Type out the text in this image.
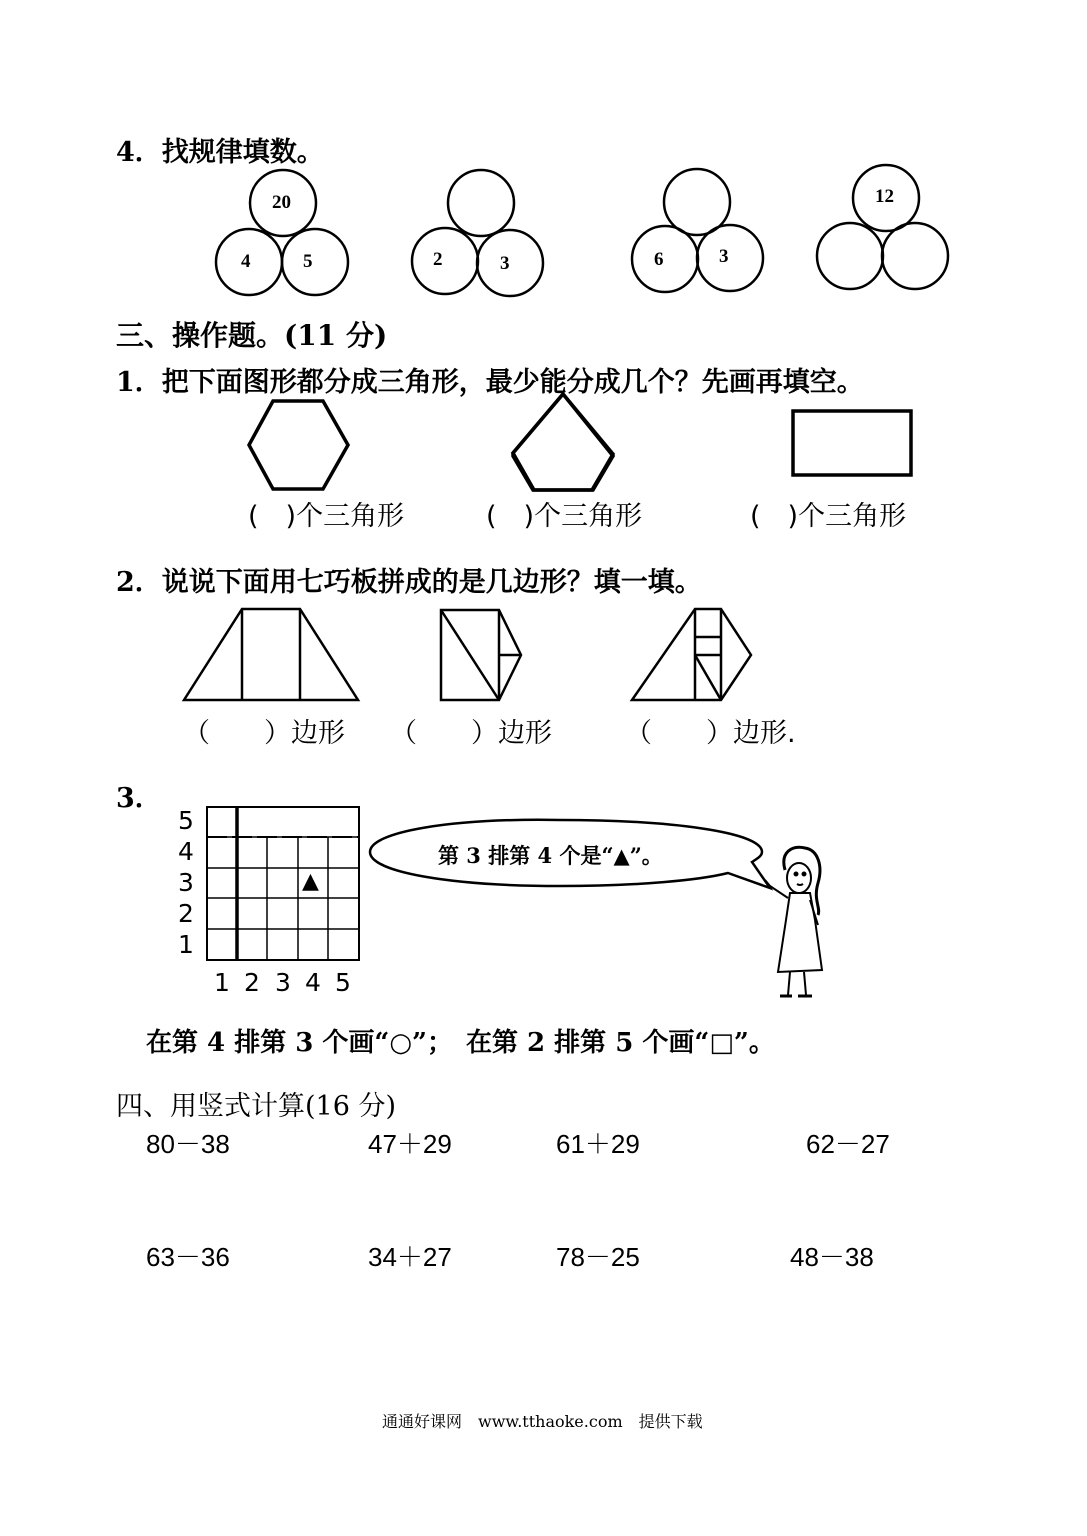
4．找规律填数。
20
4	5	2	3	6	3
12
三、操作题。(11 分)
1．把下面图形都分成三角形，最少能分成几个？先画再填空。
(　)个三角形	(　)个三角形	(　)个三角形
2．说说下面用七巧板拼成的是几边形？填一填。
（　　）边形 （　　）边形	（　　）边形.
3．
5
4
3
2
1
1 2 3 4 5
▲
第 3 排第 4 个是“▲”。
在第 4 排第 3 个画“○”；　在第 2 排第 5 个画“□”。
四、用竖式计算(16 分)
80－38	47＋29	61＋29	62－27
63－36	34＋27	78－25	48－38
通通好课网　www.tthaoke.com　提供下载
